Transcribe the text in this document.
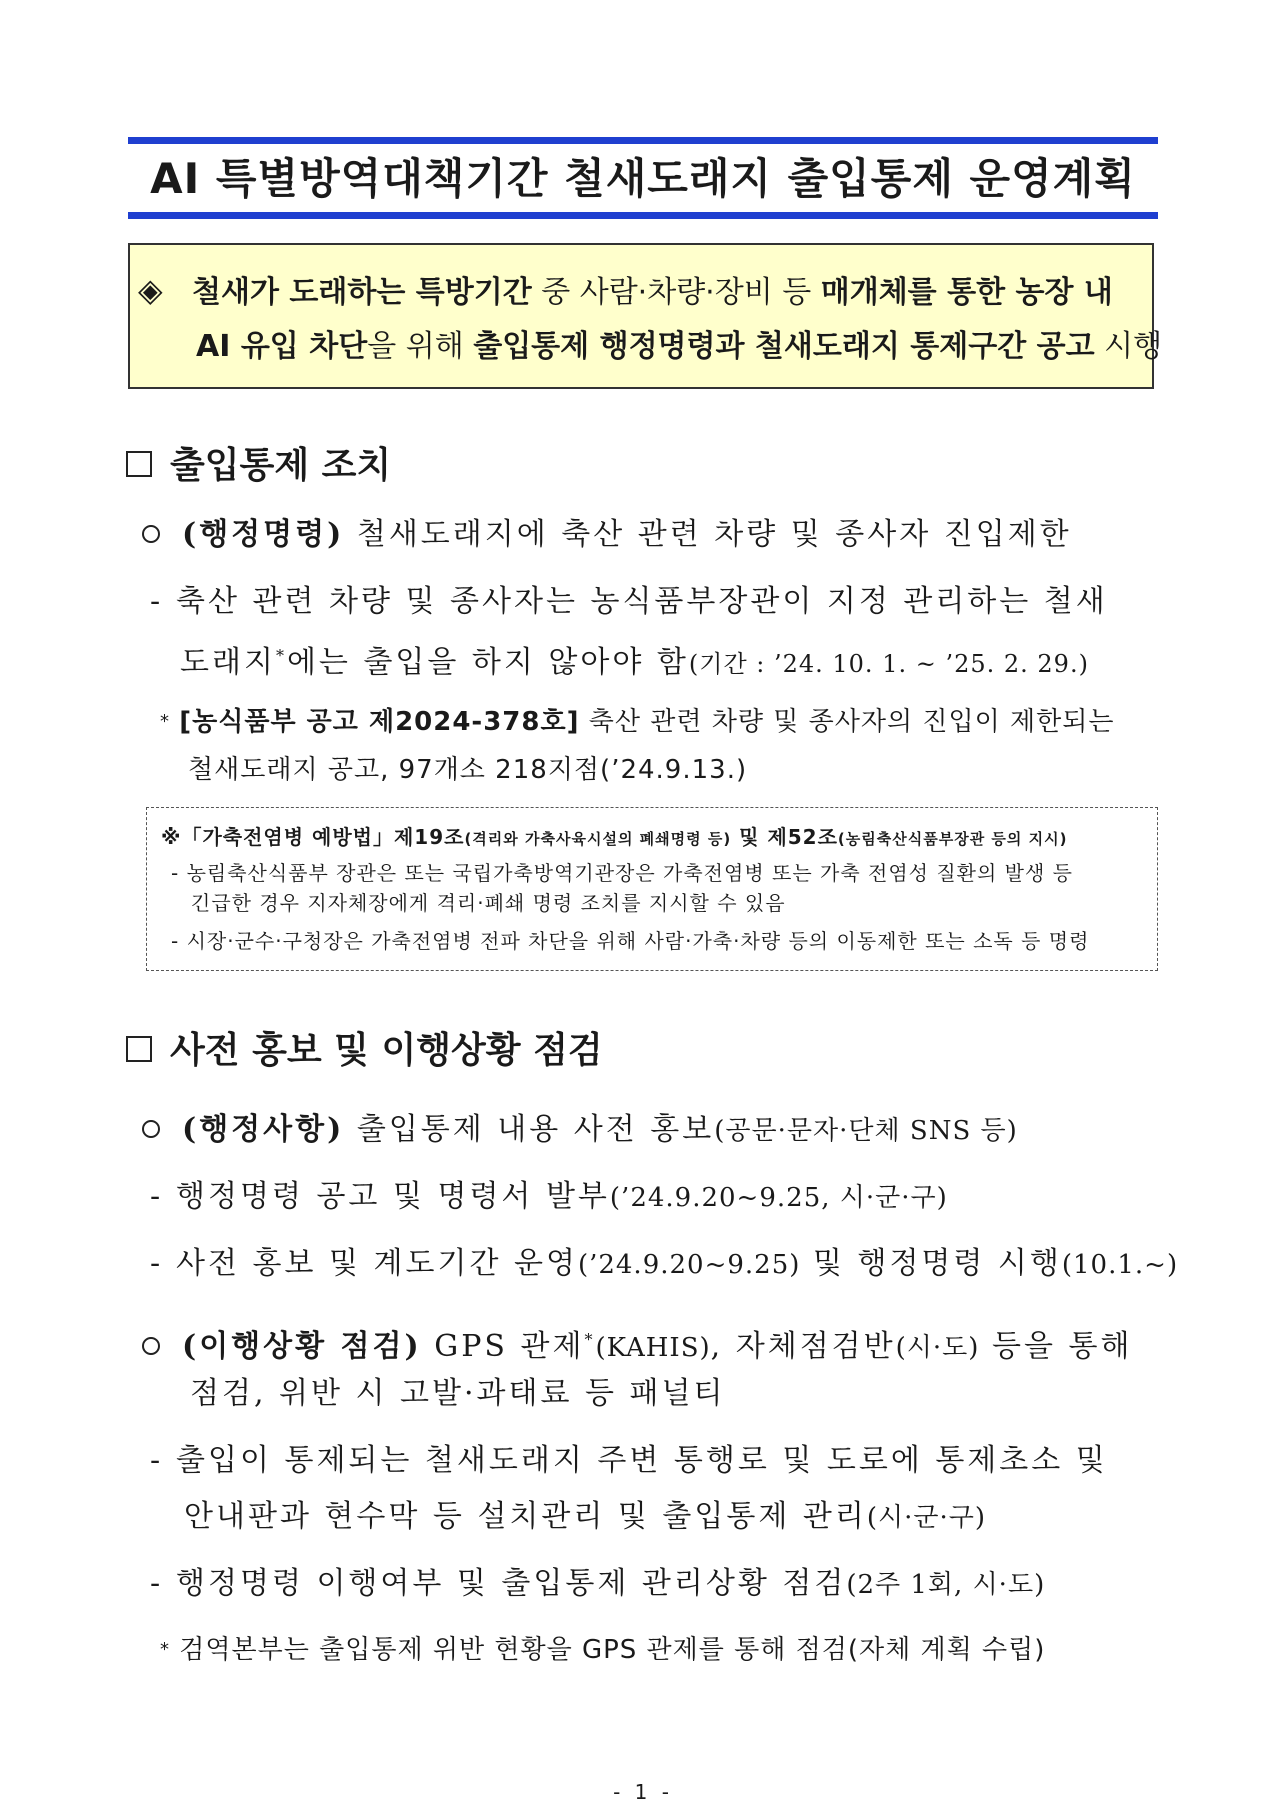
AI 특별방역대책기간 철새도래지 출입통제 운영계획
◈ 철새가 도래하는 특방기간 중 사람·차량·장비 등 매개체를 통한 농장 내
AI 유입 차단을 위해 출입통제 행정명령과 철새도래지 통제구간 공고 시행
출입통제 조치
(행정명령) 철새도래지에 축산 관련 차량 및 종사자 진입제한
- 축산 관련 차량 및 종사자는 농식품부장관이 지정 관리하는 철새
도래지*에는 출입을 하지 않아야 함(기간 : ’24. 10. 1. ~ ’25. 2. 29.)
* [농식품부 공고 제2024-378호] 축산 관련 차량 및 종사자의 진입이 제한되는
철새도래지 공고, 97개소 218지점(’24.9.13.)
※「가축전염병 예방법」제19조(격리와 가축사육시설의 폐쇄명령 등) 및 제52조(농림축산식품부장관 등의 지시)
- 농림축산식품부 장관은 또는 국립가축방역기관장은 가축전염병 또는 가축 전염성 질환의 발생 등
긴급한 경우 지자체장에게 격리·폐쇄 명령 조치를 지시할 수 있음
- 시장·군수·구청장은 가축전염병 전파 차단을 위해 사람·가축·차량 등의 이동제한 또는 소독 등 명령
사전 홍보 및 이행상황 점검
(행정사항) 출입통제 내용 사전 홍보(공문·문자·단체 SNS 등)
- 행정명령 공고 및 명령서 발부(’24.9.20~9.25, 시·군·구)
- 사전 홍보 및 계도기간 운영(’24.9.20~9.25) 및 행정명령 시행(10.1.~)
(이행상황 점검) GPS 관제*(KAHIS), 자체점검반(시·도) 등을 통해
점검, 위반 시 고발·과태료 등 패널티
- 출입이 통제되는 철새도래지 주변 통행로 및 도로에 통제초소 및
안내판과 현수막 등 설치관리 및 출입통제 관리(시·군·구)
- 행정명령 이행여부 및 출입통제 관리상황 점검(2주 1회, 시·도)
* 검역본부는 출입통제 위반 현황을 GPS 관제를 통해 점검(자체 계획 수립)
- 1 -
